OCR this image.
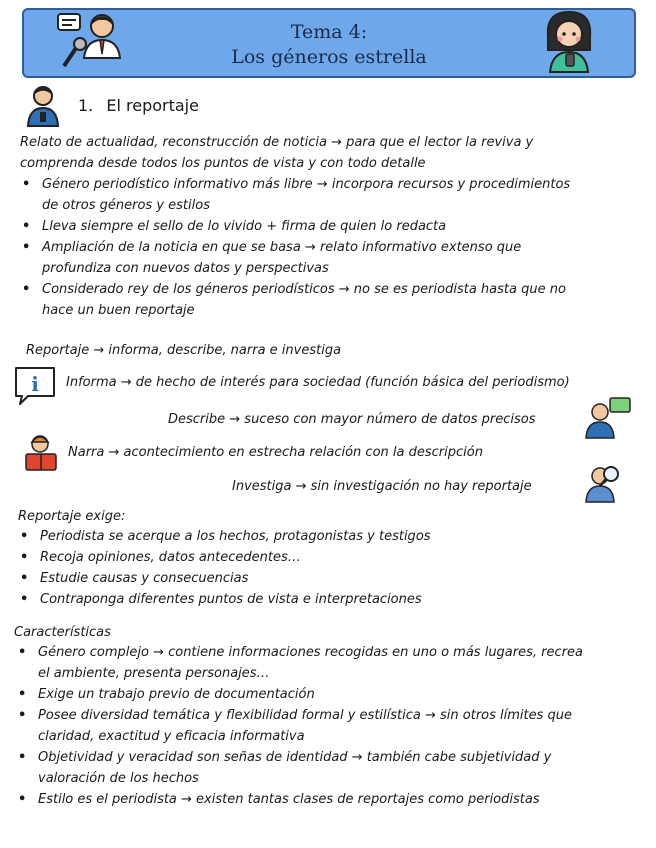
Tema 4:
Los géneros estrella
1. El reportaje
Relato de actualidad, reconstrucción de noticia → para que el lector la reviva y
comprenda desde todos los puntos de vista y con todo detalle
• Género periodístico informativo más libre → incorpora recursos y procedimientos
de otros géneros y estilos
• Lleva siempre el sello de lo vivido + firma de quien lo redacta
• Ampliación de la noticia en que se basa → relato informativo extenso que
profundiza con nuevos datos y perspectivas
• Considerado rey de los géneros periodísticos → no se es periodista hasta que no
hace un buen reportaje
Reportaje → informa, describe, narra e investiga
i Informa → de hecho de interés para sociedad (función básica del periodismo)
Describe → suceso con mayor número de datos precisos
Narra → acontecimiento en estrecha relación con la descripción
Investiga → sin investigación no hay reportaje
Reportaje exige:
• Periodista se acerque a los hechos, protagonistas y testigos
• Recoja opiniones, datos antecedentes…
• Estudie causas y consecuencias
• Contraponga diferentes puntos de vista e interpretaciones
Características
• Género complejo → contiene informaciones recogidas en uno o más lugares, recrea
el ambiente, presenta personajes…
• Exige un trabajo previo de documentación
• Posee diversidad temática y flexibilidad formal y estilística → sin otros límites que
claridad, exactitud y eficacia informativa
• Objetividad y veracidad son señas de identidad → también cabe subjetividad y
valoración de los hechos
• Estilo es el periodista → existen tantas clases de reportajes como periodistas
